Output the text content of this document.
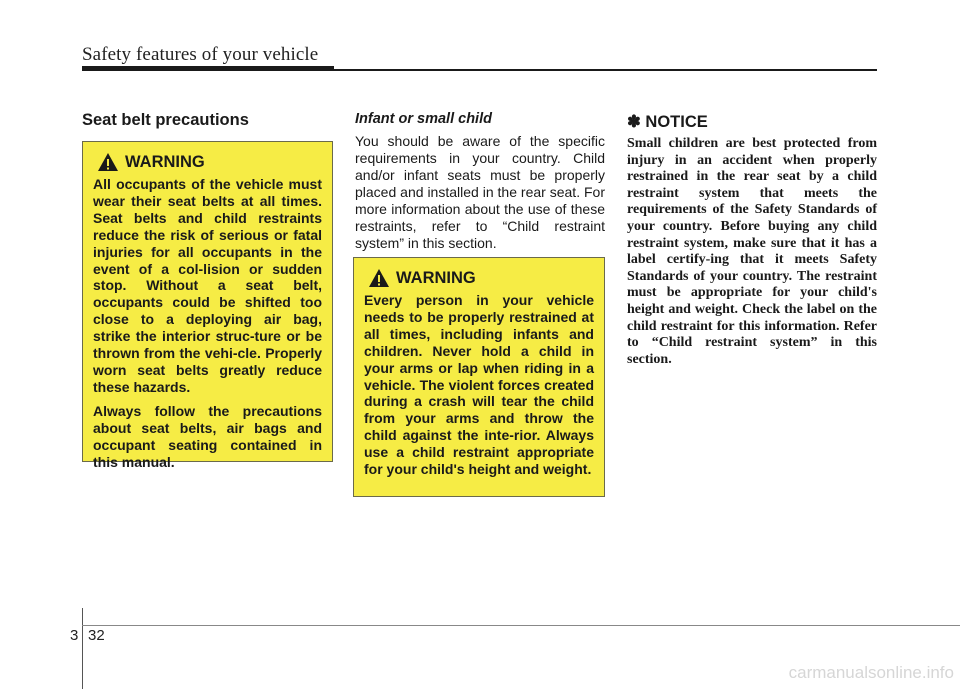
Safety features of your vehicle
Seat belt precautions
WARNING

All occupants of the vehicle must wear their seat belts at all times. Seat belts and child restraints reduce the risk of serious or fatal injuries for all occupants in the event of a col-lision or sudden stop. Without a seat belt, occupants could be shifted too close to a deploying air bag, strike the interior struc-ture or be thrown from the vehi-cle. Properly worn seat belts greatly reduce these hazards.

Always follow the precautions about seat belts, air bags and occupant seating contained in this manual.

Infant or small child

You should be aware of the specific requirements in your country. Child and/or infant seats must be properly placed and installed in the rear seat. For more information about the use of these restraints, refer to “Child restraint system” in this section.

WARNING

Every person in your vehicle needs to be properly restrained at all times, including infants and children. Never hold a child in your arms or lap when riding in a vehicle. The violent forces created during a crash will tear the child from your arms and throw the child against the inte-rior. Always use a child restraint appropriate for your child's height and weight.

✽ NOTICE

Small children are best protected from injury in an accident when properly restrained in the rear seat by a child restraint system that meets the requirements of the Safety Standards of your country. Before buying any child restraint system, make sure that it has a label certify-ing that it meets Safety Standards of your country. The restraint must be appropriate for your child's height and weight. Check the label on the child restraint for this information. Refer to “Child restraint system” in this section.

3 32
carmanualsonline.info
